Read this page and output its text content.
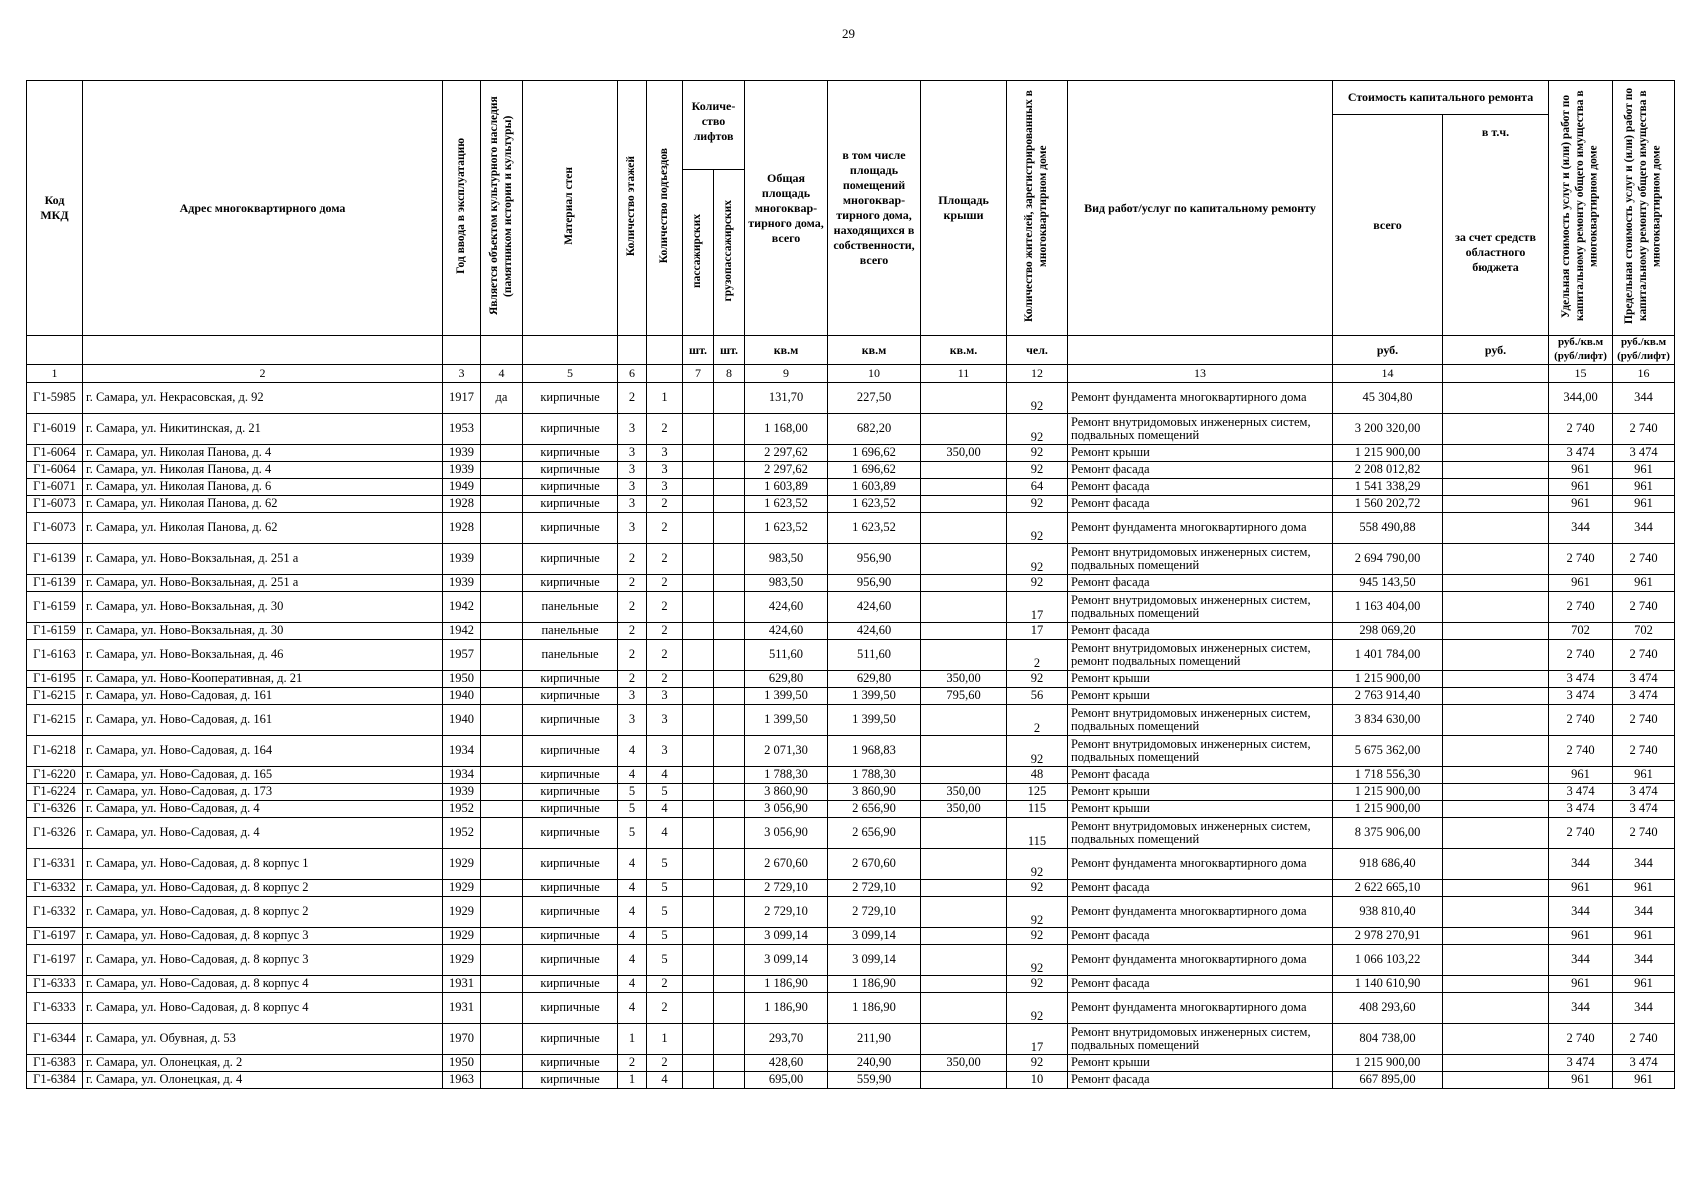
29
Код МКД	Адрес многоквартирного дома	Год ввода в эксплуатацию	Является объектом культурного наследия (памятником истории и культуры)	Материал стен	Количество этажей	Количество подъездов	Количе-ство лифтов		Общая площадь многоквар-тирного дома, всего	в том числе площадь помещений многоквар-тирного дома, находящихся в собственности, всего	Площадь крыши	Количество жителей, зарегистрированных в многоквартирном доме	Вид работ/услуг по капитальному ремонту	Стоимость капитального ремонта		Удельная стоимость услуг и (или) работ по капитальному ремонту общего имущества в многоквартирном доме	Предельная стоимость услуг и (или) работ по капитальному ремонту общего имущества в многоквартирном доме
														всего	в т.ч.		
							пассажирских	грузопассажирских							за счет средств областного бюджета		
							шт.	шт.	кв.м	кв.м	кв.м.	чел.		руб.	руб.	руб./кв.м (руб/лифт)	руб./кв.м (руб/лифт)
1	2	3	4	5	6		7	8	9	10	11	12	13	14		15	16
Г1-5985	г. Самара, ул. Некрасовская, д. 92	1917	да	кирпичные	2	1			131,70	227,50		92	Ремонт фундамента многоквартирного дома	45 304,80		344,00	344
Г1-6019	г. Самара, ул. Никитинская, д. 21	1953		кирпичные	3	2			1 168,00	682,20		92	Ремонт внутридомовых инженерных систем, подвальных помещений	3 200 320,00		2 740	2 740
Г1-6064	г. Самара, ул. Николая Панова, д. 4	1939		кирпичные	3	3			2 297,62	1 696,62	350,00	92	Ремонт крыши	1 215 900,00		3 474	3 474
Г1-6064	г. Самара, ул. Николая Панова, д. 4	1939		кирпичные	3	3			2 297,62	1 696,62		92	Ремонт фасада	2 208 012,82		961	961
Г1-6071	г. Самара, ул. Николая Панова, д. 6	1949		кирпичные	3	3			1 603,89	1 603,89		64	Ремонт фасада	1 541 338,29		961	961
Г1-6073	г. Самара, ул. Николая Панова, д. 62	1928		кирпичные	3	2			1 623,52	1 623,52		92	Ремонт фасада	1 560 202,72		961	961
Г1-6073	г. Самара, ул. Николая Панова, д. 62	1928		кирпичные	3	2			1 623,52	1 623,52		92	Ремонт фундамента многоквартирного дома	558 490,88		344	344
Г1-6139	г. Самара, ул. Ново-Вокзальная, д. 251 а	1939		кирпичные	2	2			983,50	956,90		92	Ремонт внутридомовых инженерных систем, подвальных помещений	2 694 790,00		2 740	2 740
Г1-6139	г. Самара, ул. Ново-Вокзальная, д. 251 а	1939		кирпичные	2	2			983,50	956,90		92	Ремонт фасада	945 143,50		961	961
Г1-6159	г. Самара, ул. Ново-Вокзальная, д. 30	1942		панельные	2	2			424,60	424,60		17	Ремонт внутридомовых инженерных систем, подвальных помещений	1 163 404,00		2 740	2 740
Г1-6159	г. Самара, ул. Ново-Вокзальная, д. 30	1942		панельные	2	2			424,60	424,60		17	Ремонт фасада	298 069,20		702	702
Г1-6163	г. Самара, ул. Ново-Вокзальная, д. 46	1957		панельные	2	2			511,60	511,60		2	Ремонт внутридомовых инженерных систем, ремонт подвальных помещений	1 401 784,00		2 740	2 740
Г1-6195	г. Самара, ул. Ново-Кооперативная, д. 21	1950		кирпичные	2	2			629,80	629,80	350,00	92	Ремонт крыши	1 215 900,00		3 474	3 474
Г1-6215	г. Самара, ул. Ново-Садовая, д. 161	1940		кирпичные	3	3			1 399,50	1 399,50	795,60	56	Ремонт крыши	2 763 914,40		3 474	3 474
Г1-6215	г. Самара, ул. Ново-Садовая, д. 161	1940		кирпичные	3	3			1 399,50	1 399,50		2	Ремонт внутридомовых инженерных систем, подвальных помещений	3 834 630,00		2 740	2 740
Г1-6218	г. Самара, ул. Ново-Садовая, д. 164	1934		кирпичные	4	3			2 071,30	1 968,83		92	Ремонт внутридомовых инженерных систем, подвальных помещений	5 675 362,00		2 740	2 740
Г1-6220	г. Самара, ул. Ново-Садовая, д. 165	1934		кирпичные	4	4			1 788,30	1 788,30		48	Ремонт фасада	1 718 556,30		961	961
Г1-6224	г. Самара, ул. Ново-Садовая, д. 173	1939		кирпичные	5	5			3 860,90	3 860,90	350,00	125	Ремонт крыши	1 215 900,00		3 474	3 474
Г1-6326	г. Самара, ул. Ново-Садовая, д. 4	1952		кирпичные	5	4			3 056,90	2 656,90	350,00	115	Ремонт крыши	1 215 900,00		3 474	3 474
Г1-6326	г. Самара, ул. Ново-Садовая, д. 4	1952		кирпичные	5	4			3 056,90	2 656,90		115	Ремонт внутридомовых инженерных систем, подвальных помещений	8 375 906,00		2 740	2 740
Г1-6331	г. Самара, ул. Ново-Садовая, д. 8 корпус 1	1929		кирпичные	4	5			2 670,60	2 670,60		92	Ремонт фундамента многоквартирного дома	918 686,40		344	344
Г1-6332	г. Самара, ул. Ново-Садовая, д. 8 корпус 2	1929		кирпичные	4	5			2 729,10	2 729,10		92	Ремонт фасада	2 622 665,10		961	961
Г1-6332	г. Самара, ул. Ново-Садовая, д. 8 корпус 2	1929		кирпичные	4	5			2 729,10	2 729,10		92	Ремонт фундамента многоквартирного дома	938 810,40		344	344
Г1-6197	г. Самара, ул. Ново-Садовая, д. 8 корпус 3	1929		кирпичные	4	5			3 099,14	3 099,14		92	Ремонт фасада	2 978 270,91		961	961
Г1-6197	г. Самара, ул. Ново-Садовая, д. 8 корпус 3	1929		кирпичные	4	5			3 099,14	3 099,14		92	Ремонт фундамента многоквартирного дома	1 066 103,22		344	344
Г1-6333	г. Самара, ул. Ново-Садовая, д. 8 корпус 4	1931		кирпичные	4	2			1 186,90	1 186,90		92	Ремонт фасада	1 140 610,90		961	961
Г1-6333	г. Самара, ул. Ново-Садовая, д. 8 корпус 4	1931		кирпичные	4	2			1 186,90	1 186,90		92	Ремонт фундамента многоквартирного дома	408 293,60		344	344
Г1-6344	г. Самара, ул. Обувная, д. 53	1970		кирпичные	1	1			293,70	211,90		17	Ремонт внутридомовых инженерных систем, подвальных помещений	804 738,00		2 740	2 740
Г1-6383	г. Самара, ул. Олонецкая, д. 2	1950		кирпичные	2	2			428,60	240,90	350,00	92	Ремонт крыши	1 215 900,00		3 474	3 474
Г1-6384	г. Самара, ул. Олонецкая, д. 4	1963		кирпичные	1	4			695,00	559,90		10	Ремонт фасада	667 895,00		961	961
